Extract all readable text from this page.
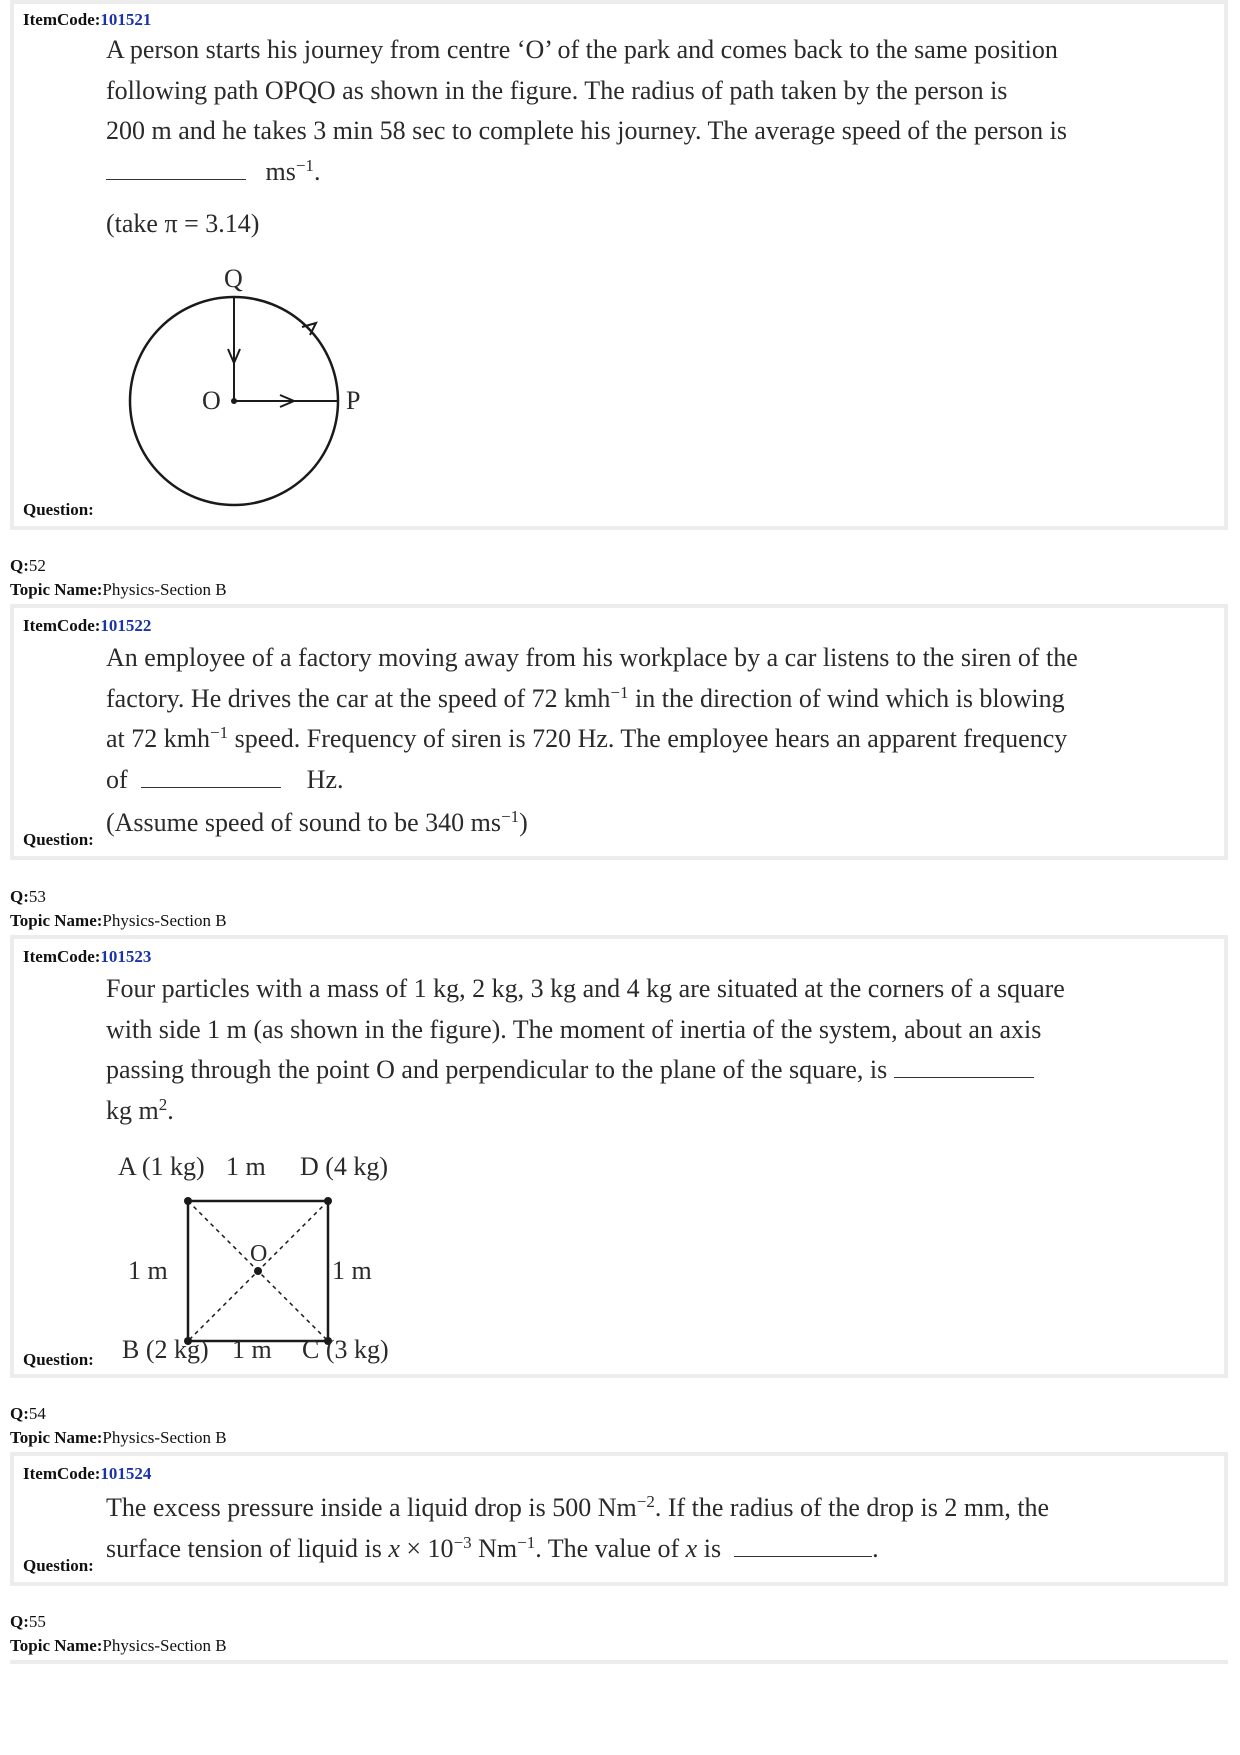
ItemCode:101521

A person starts his journey from centre ‘O’ of the park and comes back to the same position

following path OPQO as shown in the figure. The radius of path taken by the person is

200 m and he takes 3 min 58 sec to complete his journey. The average speed of the person is

$ms^{-1}$.

(take π = 3.14)
Q
O	P
Question:
Q:52
Topic Name:Physics-Section B
ItemCode:101522

An employee of a factory moving away from his workplace by a car listens to the siren of the

factory. He drives the car at the speed of 72 kmh$^{-1}$ in the direction of wind which is blowing

at 72 kmh$^{-1}$ speed. Frequency of siren is 720 Hz. The employee hears an apparent frequency

of	Hz.

(Assume speed of sound to be 340 $ms^{-1}$)

Question:
Q:53
Topic Name:Physics-Section B
ItemCode:101523

Four particles with a mass of 1 kg, 2 kg, 3 kg and 4 kg are situated at the corners of a square

with side 1 m (as shown in the figure). The moment of inertia of the system, about an axis

passing through the point O and perpendicular to the plane of the square, is

kg $m^2$.

A (1 kg) 1 m D (4 kg)
O
1 m	1 m
B (2 kg) 1 m C (3 kg)
Question:
Q:54
Topic Name:Physics-Section B
ItemCode:101524

The excess pressure inside a liquid drop is 500 $Nm^{-2}$. If the radius of the drop is 2 mm, the

surface tension of liquid is $x \times 10^{-3}$ $Nm^{-1}$. The value of x is	.

Question:
Q:55
Topic Name:Physics-Section B
